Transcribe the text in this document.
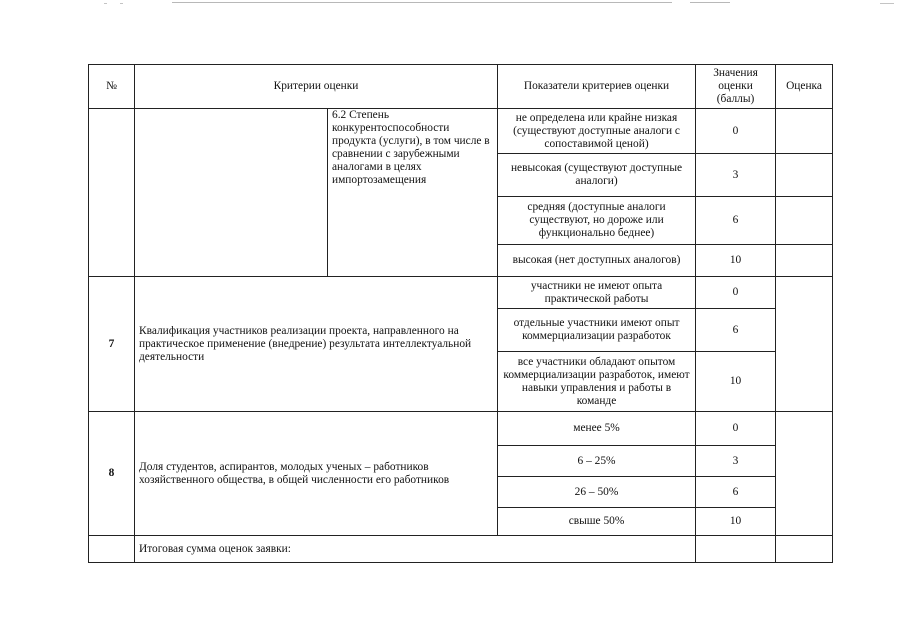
№	Критерии оценки		Показатели критериев оценки	Значения оценки (баллы)	Оценка
		6.2 Степень конкурентоспособности продукта (услуги), в том числе в сравнении с зарубежными аналогами в целях импортозамещения	не определена или крайне низкая (существуют доступные аналоги с сопоставимой ценой)	0	
			невысокая (существуют доступные аналоги)	3	
			средняя (доступные аналоги существуют, но дороже или функционально беднее)	6	
			высокая (нет доступных аналогов)	10	
7	Квалификация участников реализации проекта, направленного на практическое применение (внедрение) результата интеллектуальной деятельности		участники не имеют опыта практической работы	0	
			отдельные участники имеют опыт коммерциализации разработок	6	
			все участники обладают опытом коммерциализации разработок, имеют навыки управления и работы в команде	10	
8	Доля студентов, аспирантов, молодых ученых – работников хозяйственного общества, в общей численности его работников		менее 5%	0	
			6 – 25%	3	
			26 – 50%	6	
			свыше 50%	10	
	Итоговая сумма оценок заявки:				
